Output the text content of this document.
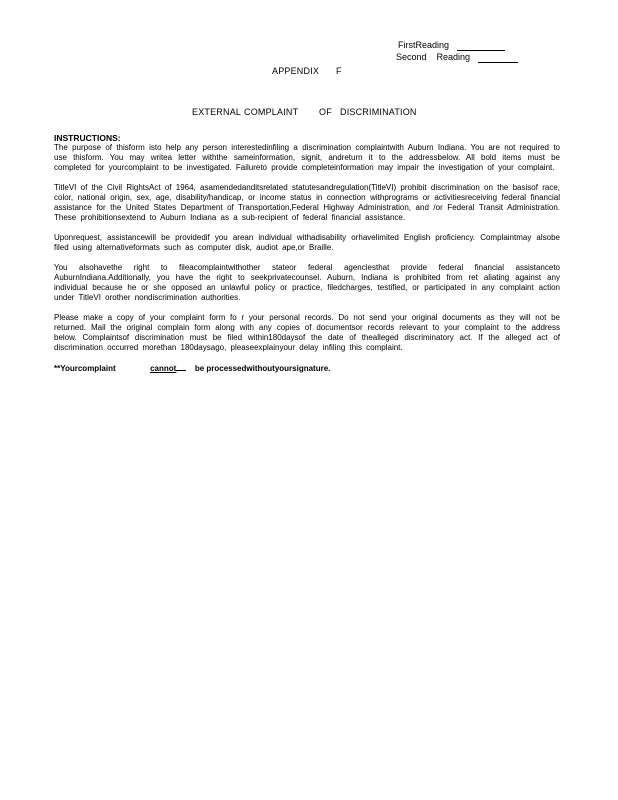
FirstReading
Second    Reading
APPENDIX F
EXTERNAL COMPLAINT OF DISCRIMINATION
INSTRUCTIONS:

The purpose of thisform isto help any person interestedinfiling a discrimination complaintwith Auburn Indiana. You are not required to use thisform. You may writea letter withthe sameinformation, signit, andreturn it to the addressbelow. All bold items must be completed for yourcomplaint to be investigated. Failureto provide completeinformation may impair the investigation of your complaint.

TitleVI of the Civil RightsAct of 1964, asamendedanditsrelated statutesandregulation(TitleVI) prohibit discrimination on the basisof race, color, national origin, sex, age, disability/handicap, or income status in connection withprograms or activitiesreceiving federal financial assistance for the United States Department of Transportation,Federal Highway Administration, and /or Federal Transit Administration. These prohibitionsextend to Auburn Indiana as a sub-recipient of federal financial assistance.

Uponrequest, assistancewill be providedif you arean individual withadisability orhavelimited English proficiency. Complaintmay alsobe filed using alternativeformats such as computer disk, audiot ape,or Braille.

You alsohavethe right to fileacomplaintwithother stateor federal agenciesthat provide federal financial assistanceto AuburnIndiana.Additionally, you have the right to seekprivatecounsel. Auburn, Indiana is prohibited from ret aliating against any individual because he or she opposed an unlawful policy or practice, filedcharges, testified, or participated in any complaint action under TitleVI orother nondiscrimination authorities.

Please make a copy of your complaint form fo r your personal records. Do not send your original documents as they will not be returned. Mail the original complain form along with any copies of documentsor records relevant to your complaint to the address below. Complaintsof discrimination must be filed within180daysof the date of thealleged discriminatory act. If the alleged act of discrimination occurred morethan 180daysago, pleaseexplainyour delay infiling this complaint.

**Yourcomplaint	cannot be processedwithoutyoursignature.
